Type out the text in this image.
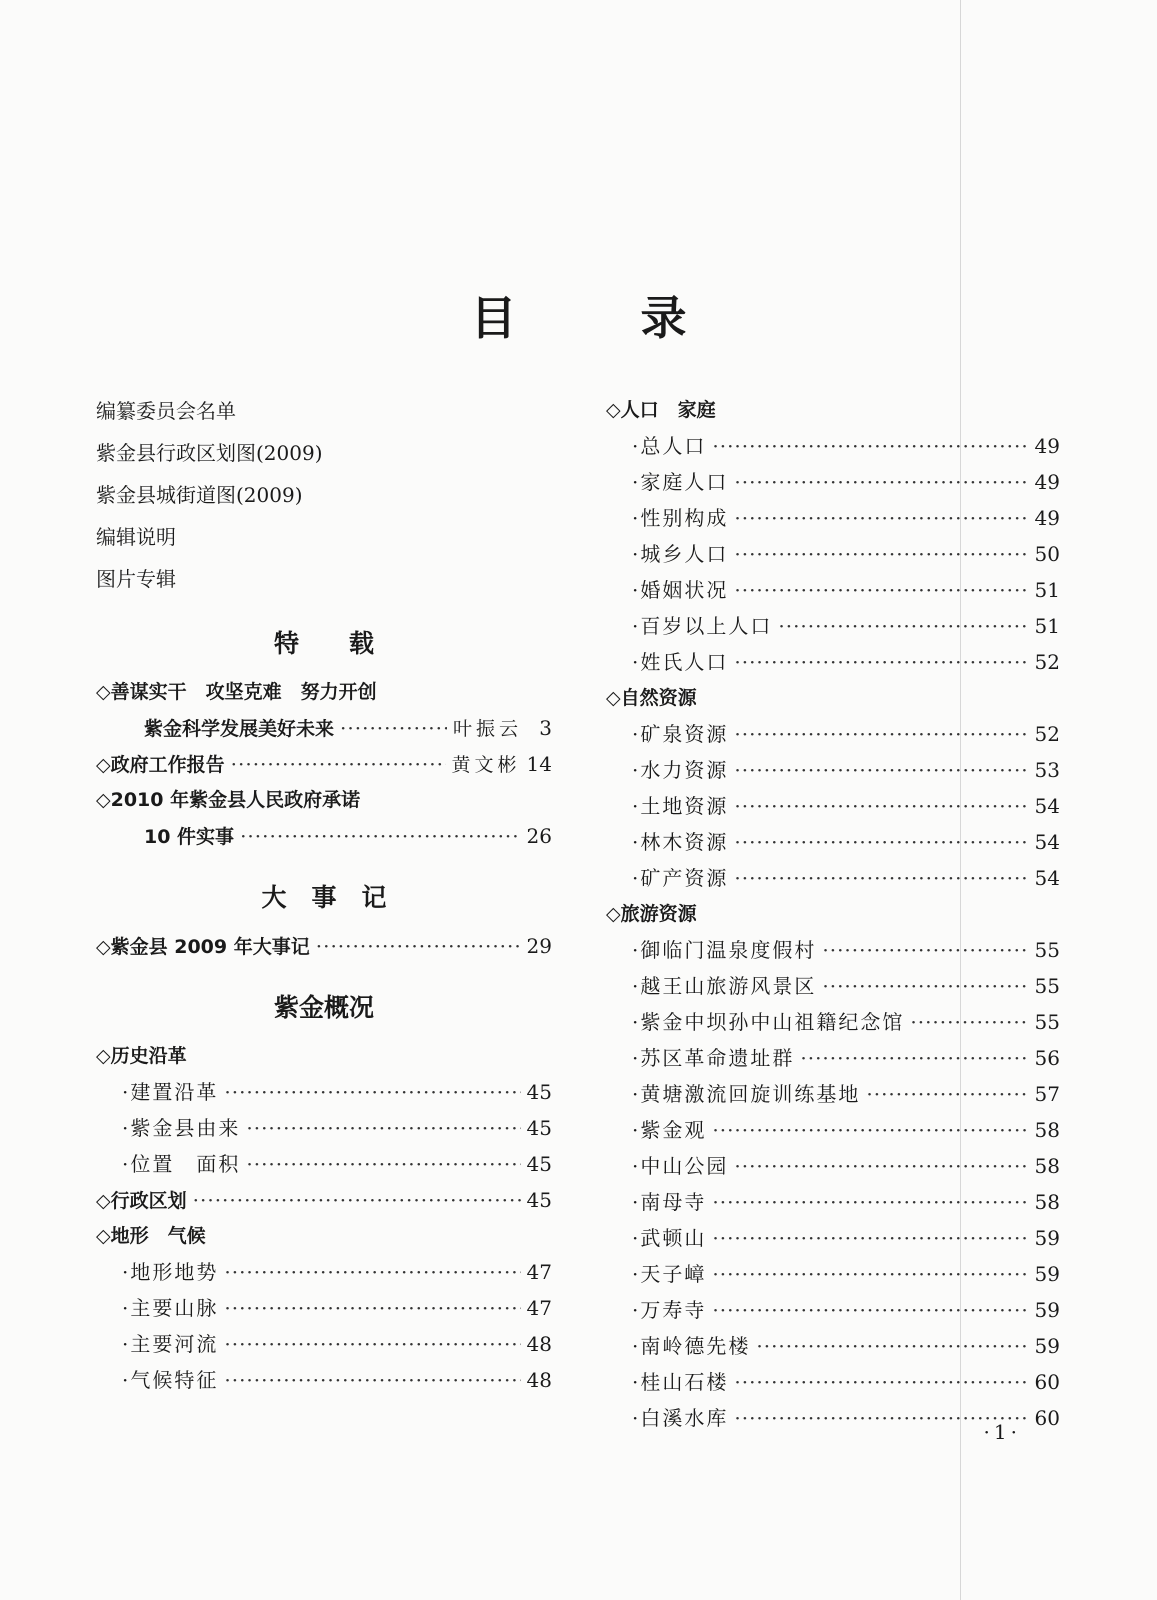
目	录
编纂委员会名单
紫金县行政区划图(2009)
紫金县城街道图(2009)
编辑说明
图片专辑
特　　载
◇善谋实干　攻坚克难　努力开创
紫金科学发展美好未来 ·····	叶振云 3
◇政府工作报告 ·····	黄文彬 14
◇2010 年紫金县人民政府承诺
10 件实事 ·····	26
大　事　记
◇紫金县 2009 年大事记 ·····	29
紫金概况
◇历史沿革
·建置沿革 ·····	45
·紫金县由来 ·····	45
·位置　面积 ·····	45
◇行政区划 ·····	45
◇地形　气候
·地形地势 ·····	47
·主要山脉 ·····	47
·主要河流 ·····	48
·气候特征 ·····	48
◇人口　家庭
·总人口 ·····	49
·家庭人口 ·····	49
·性别构成 ·····	49
·城乡人口 ·····	50
·婚姻状况 ·····	51
·百岁以上人口 ·····	51
·姓氏人口 ·····	52
◇自然资源
·矿泉资源 ·····	52
·水力资源 ·····	53
·土地资源 ·····	54
·林木资源 ·····	54
·矿产资源 ·····	54
◇旅游资源
·御临门温泉度假村 ·····	55
·越王山旅游风景区 ·····	55
·紫金中坝孙中山祖籍纪念馆 ·····	55
·苏区革命遗址群 ·····	56
·黄塘激流回旋训练基地 ·····	57
·紫金观 ·····	58
·中山公园 ·····	58
·南母寺 ·····	58
·武顿山 ·····	59
·天子嶂 ·····	59
·万寿寺 ·····	59
·南岭德先楼 ·····	59
·桂山石楼 ·····	60
·白溪水库 ·····	60
·1·
